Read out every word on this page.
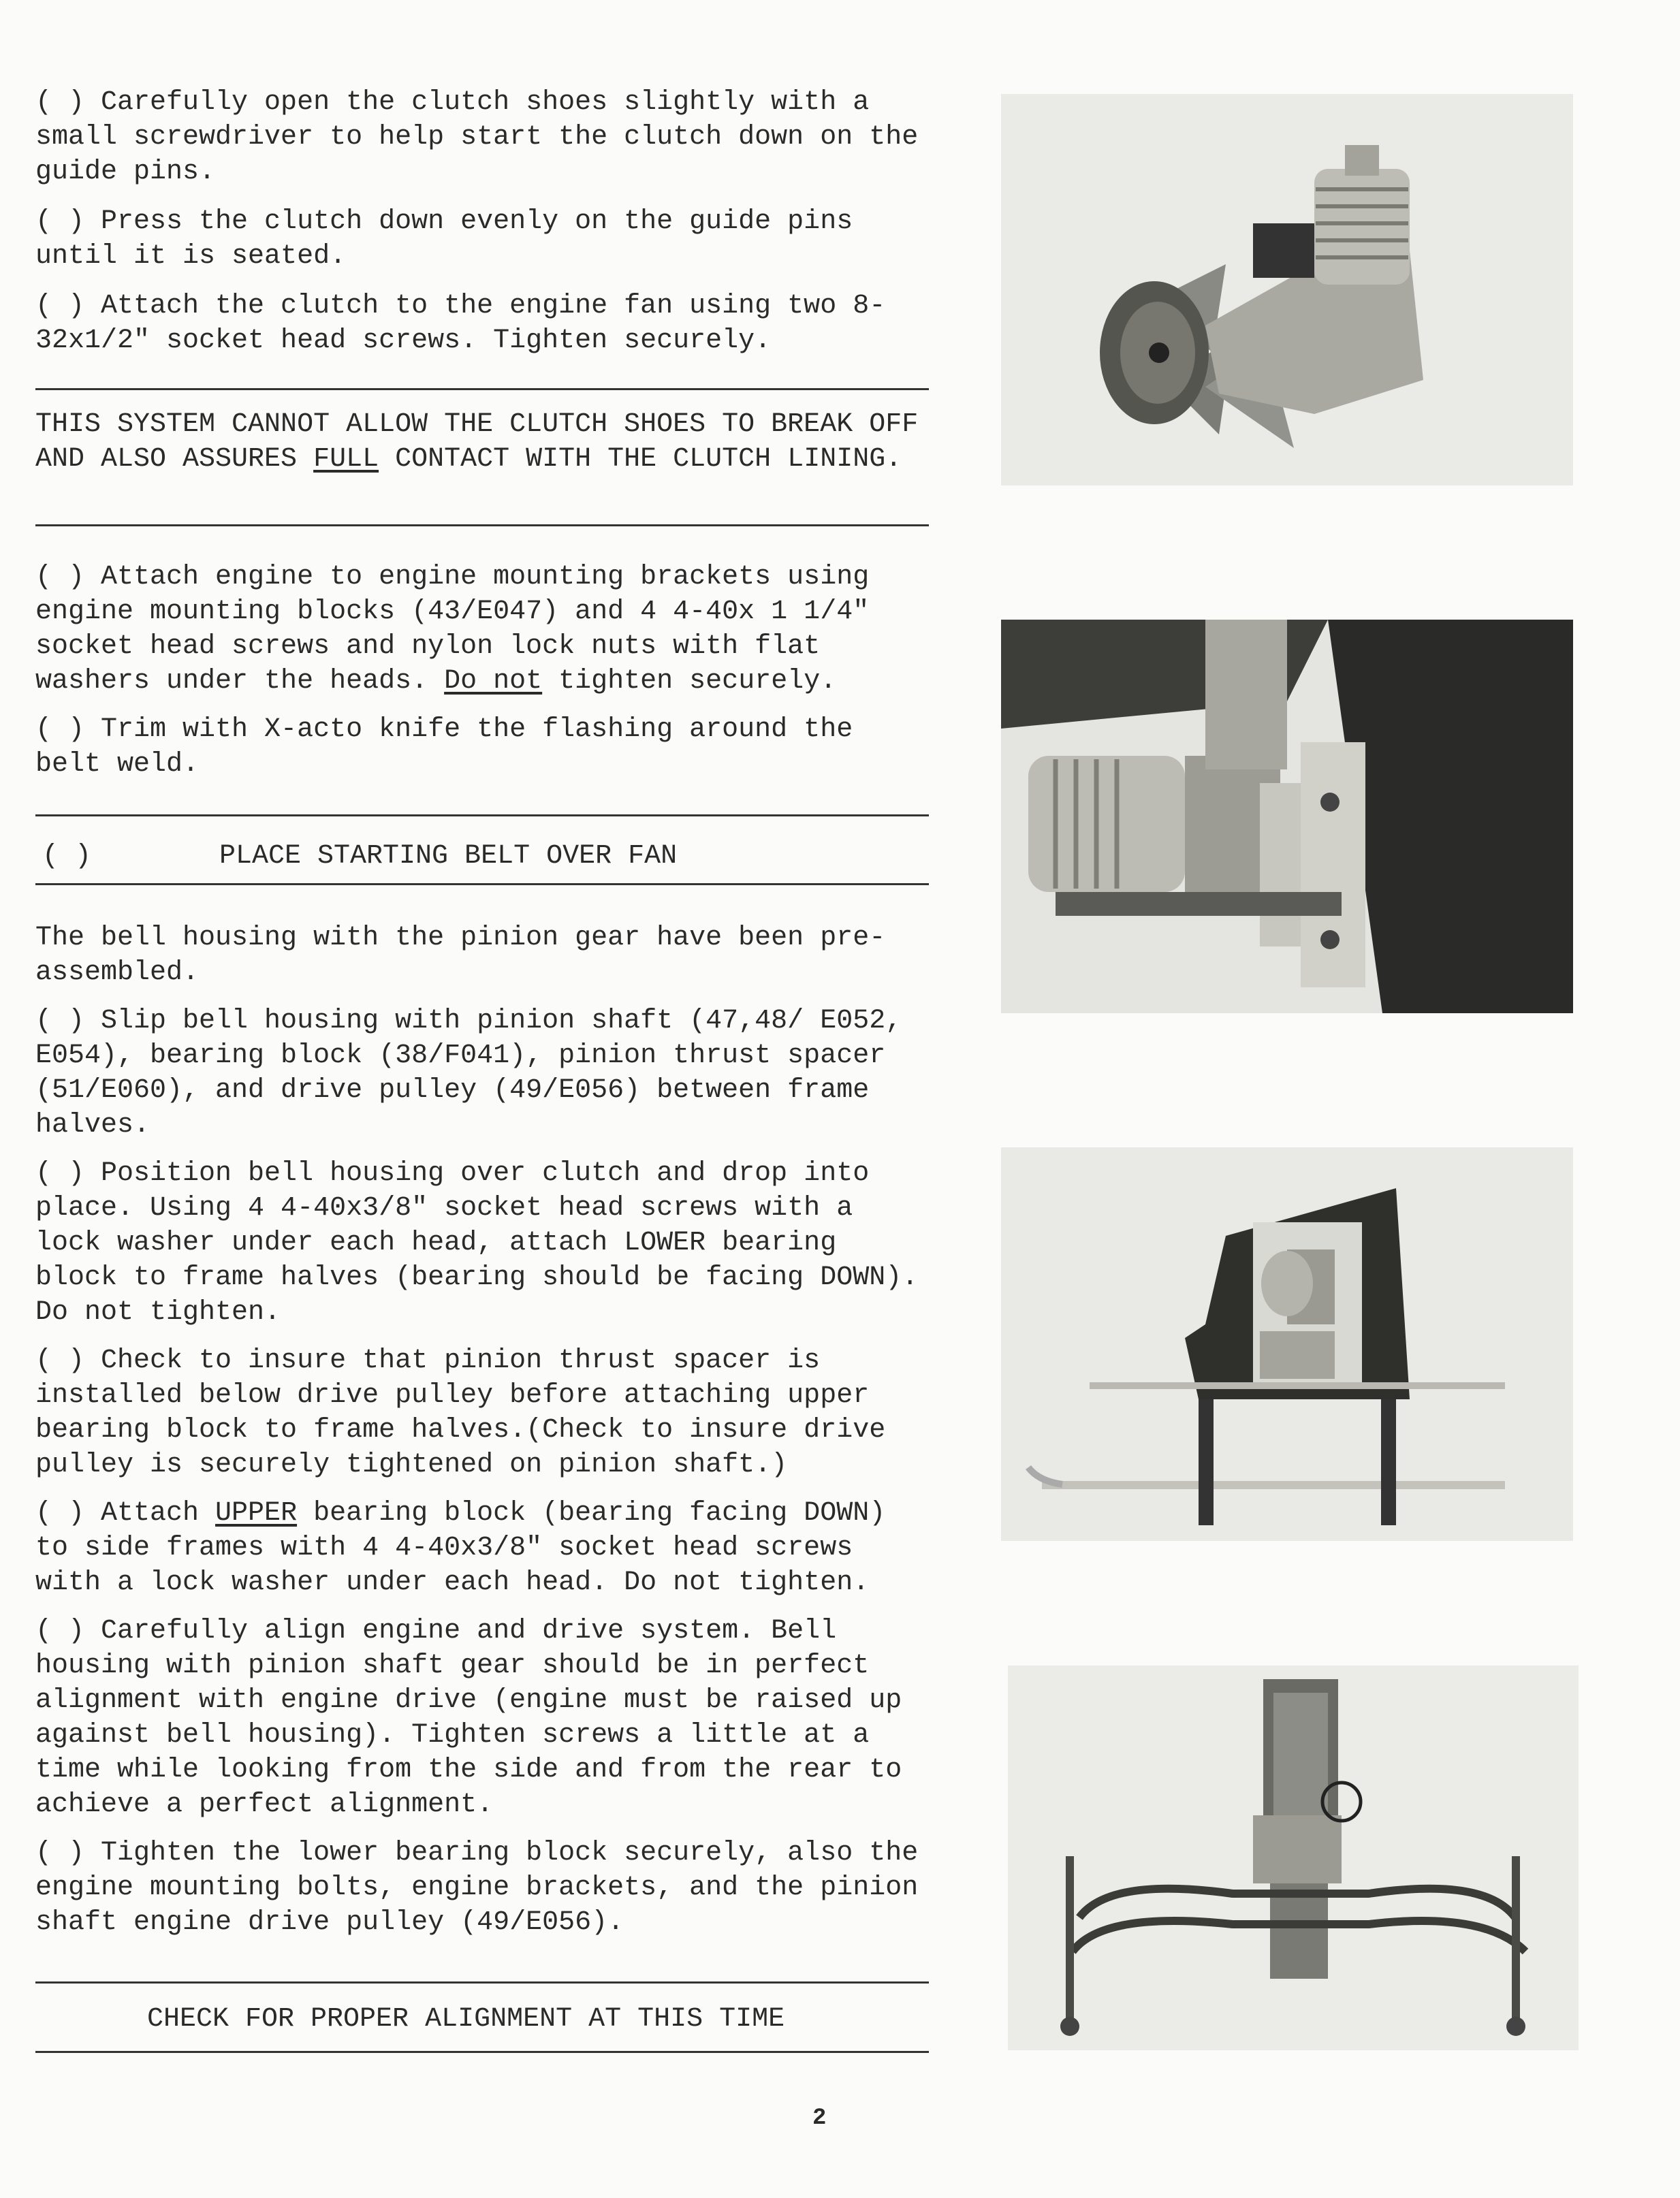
( ) Carefully open the clutch shoes slightly with a small screwdriver to help start the clutch down on the guide pins.

( ) Press the clutch down evenly on the guide pins until it is seated.

( ) Attach the clutch to the engine fan using two 8-32x1/2" socket head screws. Tighten securely.

THIS SYSTEM CANNOT ALLOW THE CLUTCH SHOES TO BREAK OFF AND ALSO ASSURES FULL CONTACT WITH THE CLUTCH LINING.

( ) Attach engine to engine mounting brackets using engine mounting blocks (43/E047) and 4 4-40x 1 1/4" socket head screws and nylon lock nuts with flat washers under the heads. Do not tighten securely.

( ) Trim with X-acto knife the flashing around the belt weld.

( )	PLACE STARTING BELT OVER FAN

The bell housing with the pinion gear have been pre-assembled.

( ) Slip bell housing with pinion shaft (47,48/ E052, E054), bearing block (38/F041), pinion thrust spacer (51/E060), and drive pulley (49/E056) between frame halves.

( ) Position bell housing over clutch and drop into place. Using 4 4-40x3/8" socket head screws with a lock washer under each head, attach LOWER bearing block to frame halves (bearing should be facing DOWN). Do not tighten.

( ) Check to insure that pinion thrust spacer is installed below drive pulley before attaching upper bearing block to frame halves.(Check to insure drive pulley is securely tightened on pinion shaft.)

( ) Attach UPPER bearing block (bearing facing DOWN) to side frames with 4 4-40x3/8" socket head screws with a lock washer under each head. Do not tighten.

( ) Carefully align engine and drive system. Bell housing with pinion shaft gear should be in perfect alignment with engine drive (engine must be raised up against bell housing). Tighten screws a little at a time while looking from the side and from the rear to achieve a perfect alignment.

( ) Tighten the lower bearing block securely, also the engine mounting bolts, engine brackets, and the pinion shaft engine drive pulley (49/E056).

CHECK FOR PROPER ALIGNMENT AT THIS TIME
2
